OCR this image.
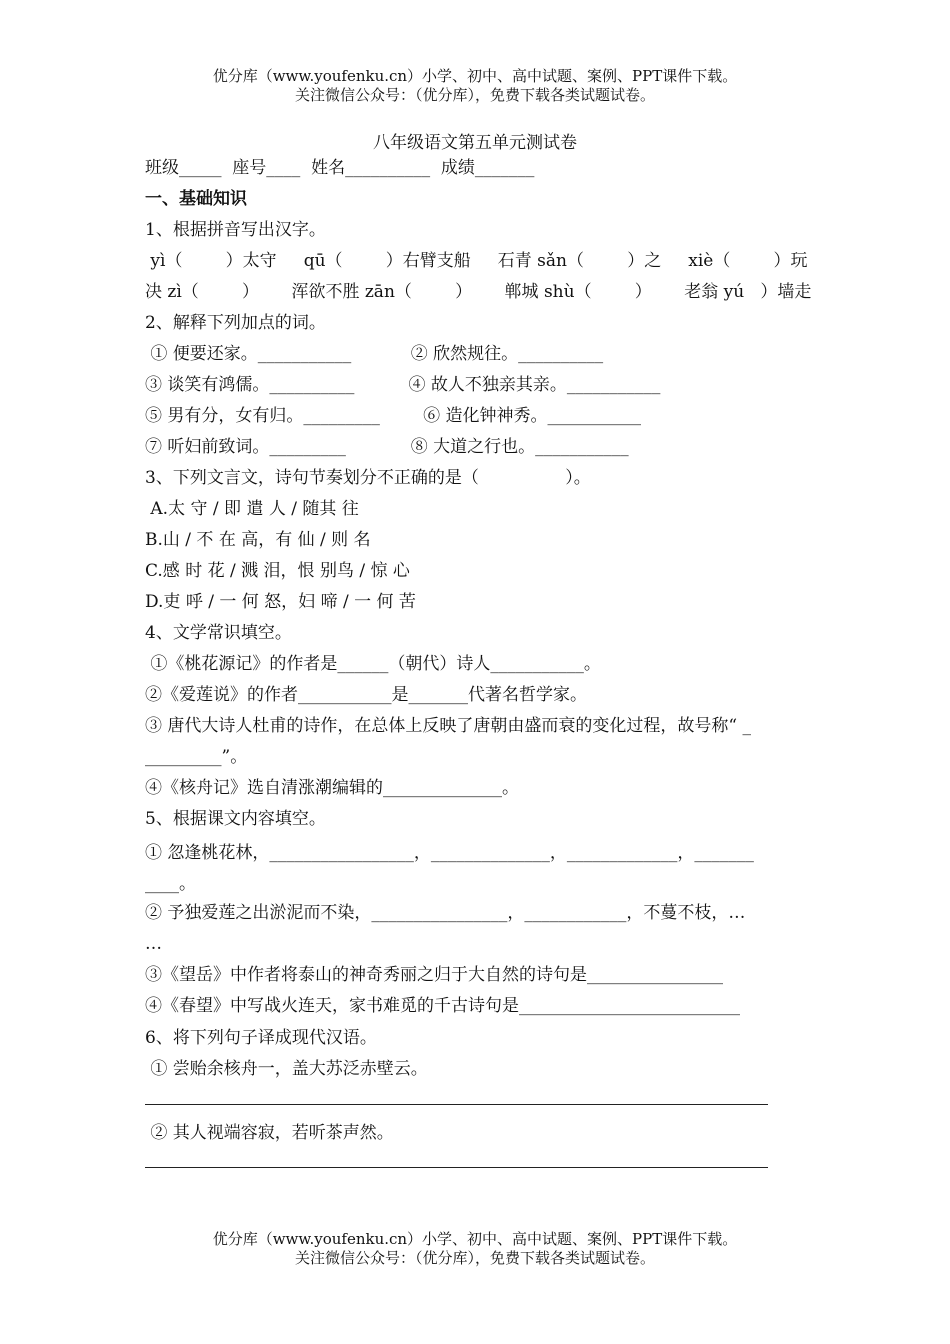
优分库（www.youfenku.cn）小学、初中、高中试题、案例、PPT课件下载。
关注微信公众号：（优分库），免费下载各类试题试卷。
八年级语文第五单元测试卷
班级_____  座号____  姓名__________  成绩_______
一、基础知识
1、根据拼音写出汉字。
yì（        ）太守     qū（        ）右臂支船     石青 sǎn（        ）之     xiè（        ）玩
决 zì（        ）      浑欲不胜 zān（        ）      郸城 shù（        ）      老翁 yú   ）墙走
2、解释下列加点的词。
① 便要还家。___________           ② 欣然规往。__________
③ 谈笑有鸿儒。__________          ④ 故人不独亲其亲。___________
⑤ 男有分，女有归。_________        ⑥ 造化钟神秀。___________
⑦ 听妇前致词。_________            ⑧ 大道之行也。___________
3、下列文言文，诗句节奏划分不正确的是（                ）。
A.太 守 / 即 遣 人 / 随其 往
B.山 / 不 在 高，有 仙 / 则 名
C.感 时 花 / 溅 泪，恨 别鸟 / 惊 心
D.吏 呼 / 一 何 怒，妇 啼 / 一 何 苦
4、文学常识填空。
①《桃花源记》的作者是______（朝代）诗人___________。
②《爱莲说》的作者___________是_______代著名哲学家。
③ 唐代大诗人杜甫的诗作，在总体上反映了唐朝由盛而衰的变化过程，故号称“ _
_________”。
④《核舟记》选自清涨潮编辑的______________。
5、根据课文内容填空。
① 忽逢桃花林，_________________，______________，_____________，_______
____。
② 予独爱莲之出淤泥而不染，________________，____________，不蔓不枝，…
…
③《望岳》中作者将泰山的神奇秀丽之归于大自然的诗句是________________
④《春望》中写战火连天，家书难觅的千古诗句是__________________________
6、将下列句子译成现代汉语。
① 尝贻余核舟一，盖大苏泛赤壁云。
② 其人视端容寂，若听茶声然。
优分库（www.youfenku.cn）小学、初中、高中试题、案例、PPT课件下载。
关注微信公众号：（优分库），免费下载各类试题试卷。
